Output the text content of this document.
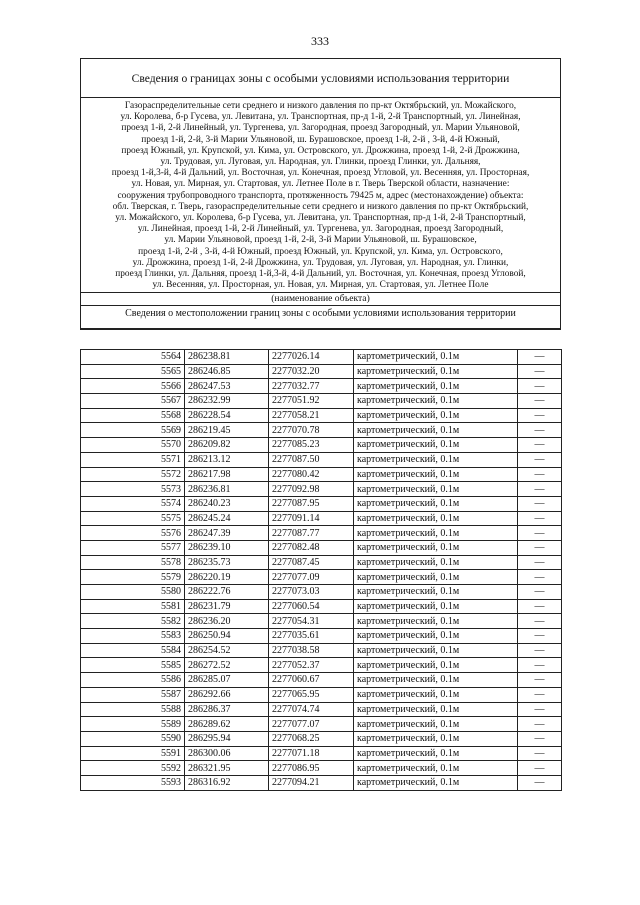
333
Сведения о границах зоны с особыми условиями использования территории
Газораспределительные сети среднего и низкого давления по пр-кт Октябрьский, ул. Можайского,
ул. Королева, б-р Гусева, ул. Левитана, ул. Транспортная, пр-д 1-й, 2-й Транспортный, ул. Линейная,
проезд 1-й, 2-й Линейный, ул. Тургенева, ул. Загородная, проезд Загородный, ул. Марии Ульяновой,
проезд 1-й, 2-й, 3-й Марии Ульяновой, ш. Бурашовское, проезд 1-й, 2-й , 3-й, 4-й Южный,
проезд Южный, ул. Крупской, ул. Кима, ул. Островского, ул. Дрожжина, проезд 1-й, 2-й Дрожжина,
ул. Трудовая, ул. Луговая, ул. Народная, ул. Глинки, проезд Глинки, ул. Дальняя,
проезд 1-й,3-й, 4-й Дальний, ул. Восточная, ул. Конечная, проезд Угловой, ул. Весенняя, ул. Просторная,
ул. Новая, ул. Мирная, ул. Стартовая, ул. Летнее Поле в г. Тверь Тверской области, назначение:
сооружения трубопроводного транспорта, протяженность 79425 м, адрес (местонахождение) объекта:
обл. Тверская, г. Тверь, газораспределительные сети среднего и низкого давления по пр-кт Октябрьский,
ул. Можайского, ул. Королева, б-р Гусева, ул. Левитана, ул. Транспортная, пр-д 1-й, 2-й Транспортный,
ул. Линейная, проезд 1-й, 2-й Линейный, ул. Тургенева, ул. Загородная, проезд Загородный,
ул. Марии Ульяновой, проезд 1-й, 2-й, 3-й Марии Ульяновой, ш. Бурашовское,
проезд 1-й, 2-й , 3-й, 4-й Южный, проезд Южный, ул. Крупской, ул. Кима, ул. Островского,
ул. Дрожжина, проезд 1-й, 2-й Дрожжина, ул. Трудовая, ул. Луговая, ул. Народная, ул. Глинки,
проезд Глинки, ул. Дальняя, проезд 1-й,3-й, 4-й Дальний, ул. Восточная, ул. Конечная, проезд Угловой,
ул. Весенняя, ул. Просторная, ул. Новая, ул. Мирная, ул. Стартовая, ул. Летнее Поле
(наименование объекта)
Сведения о местоположении границ зоны с особыми условиями использования территории
5564	286238.81	2277026.14	картометрический, 0.1м	—
5565	286246.85	2277032.20	картометрический, 0.1м	—
5566	286247.53	2277032.77	картометрический, 0.1м	—
5567	286232.99	2277051.92	картометрический, 0.1м	—
5568	286228.54	2277058.21	картометрический, 0.1м	—
5569	286219.45	2277070.78	картометрический, 0.1м	—
5570	286209.82	2277085.23	картометрический, 0.1м	—
5571	286213.12	2277087.50	картометрический, 0.1м	—
5572	286217.98	2277080.42	картометрический, 0.1м	—
5573	286236.81	2277092.98	картометрический, 0.1м	—
5574	286240.23	2277087.95	картометрический, 0.1м	—
5575	286245.24	2277091.14	картометрический, 0.1м	—
5576	286247.39	2277087.77	картометрический, 0.1м	—
5577	286239.10	2277082.48	картометрический, 0.1м	—
5578	286235.73	2277087.45	картометрический, 0.1м	—
5579	286220.19	2277077.09	картометрический, 0.1м	—
5580	286222.76	2277073.03	картометрический, 0.1м	—
5581	286231.79	2277060.54	картометрический, 0.1м	—
5582	286236.20	2277054.31	картометрический, 0.1м	—
5583	286250.94	2277035.61	картометрический, 0.1м	—
5584	286254.52	2277038.58	картометрический, 0.1м	—
5585	286272.52	2277052.37	картометрический, 0.1м	—
5586	286285.07	2277060.67	картометрический, 0.1м	—
5587	286292.66	2277065.95	картометрический, 0.1м	—
5588	286286.37	2277074.74	картометрический, 0.1м	—
5589	286289.62	2277077.07	картометрический, 0.1м	—
5590	286295.94	2277068.25	картометрический, 0.1м	—
5591	286300.06	2277071.18	картометрический, 0.1м	—
5592	286321.95	2277086.95	картометрический, 0.1м	—
5593	286316.92	2277094.21	картометрический, 0.1м	—
